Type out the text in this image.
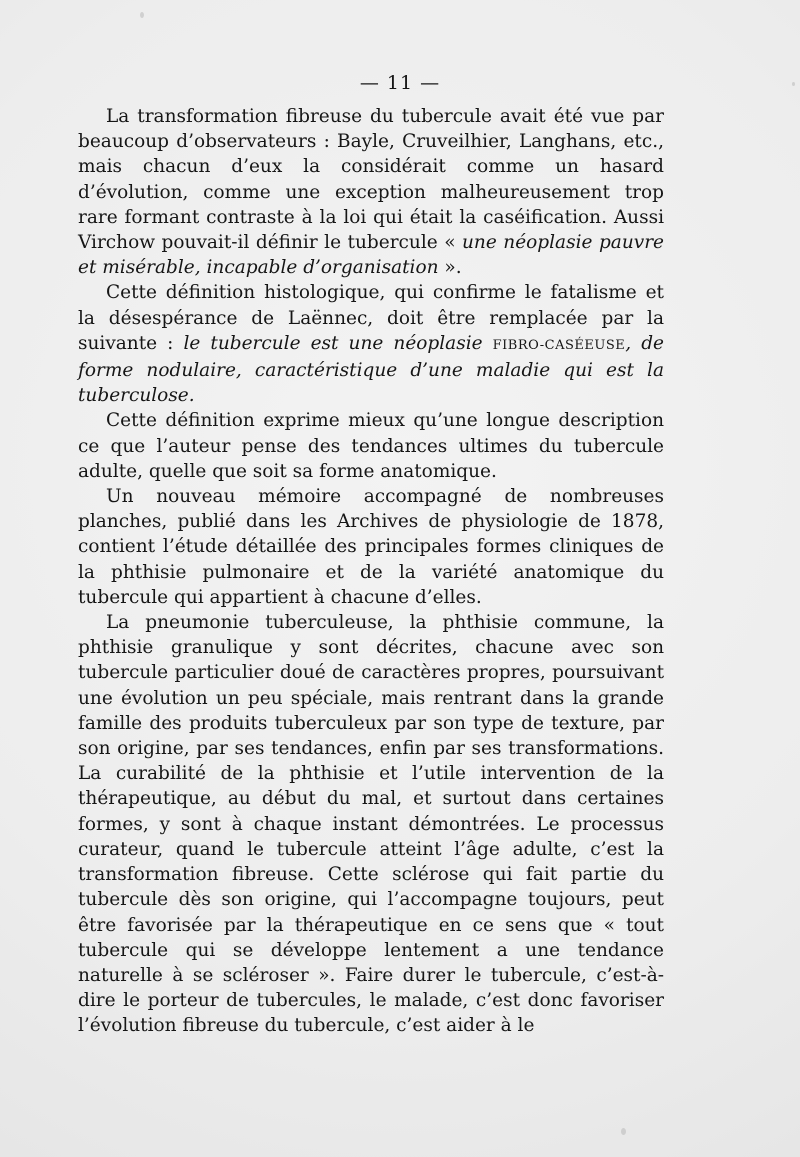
— 11 —

La transformation fibreuse du tubercule avait été vue par beaucoup d’observateurs : Bayle, Cruveilhier, Langhans, etc., mais chacun d’eux la considérait comme un hasard d’évolution, comme une exception malheureusement trop rare formant contraste à la loi qui était la caséification. Aussi Virchow pouvait-il définir le tubercule « une néoplasie pauvre et misérable, incapable d’organisation ».

Cette définition histologique, qui confirme le fatalisme et la désespérance de Laënnec, doit être remplacée par la suivante : le tubercule est une néoplasie FIBRO-CASÉEUSE, de forme nodulaire, caractéristique d’une maladie qui est la tuberculose.

Cette définition exprime mieux qu’une longue description ce que l’auteur pense des tendances ultimes du tubercule adulte, quelle que soit sa forme anatomique.

Un nouveau mémoire accompagné de nombreuses planches, publié dans les Archives de physiologie de 1878, contient l’étude détaillée des principales formes cliniques de la phthisie pulmonaire et de la variété anatomique du tubercule qui appartient à chacune d’elles.

La pneumonie tuberculeuse, la phthisie commune, la phthisie granulique y sont décrites, chacune avec son tubercule particulier doué de caractères propres, poursuivant une évolution un peu spéciale, mais rentrant dans la grande famille des produits tuberculeux par son type de texture, par son origine, par ses tendances, enfin par ses transformations. La curabilité de la phthisie et l’utile intervention de la thérapeutique, au début du mal, et surtout dans certaines formes, y sont à chaque instant démontrées. Le processus curateur, quand le tubercule atteint l’âge adulte, c’est la transformation fibreuse. Cette sclérose qui fait partie du tubercule dès son origine, qui l’accompagne toujours, peut être favorisée par la thérapeutique en ce sens que « tout tubercule qui se développe lentement a une tendance naturelle à se scléroser ». Faire durer le tubercule, c’est-à-dire le porteur de tubercules, le malade, c’est donc favoriser l’évolution fibreuse du tubercule, c’est aider à le
